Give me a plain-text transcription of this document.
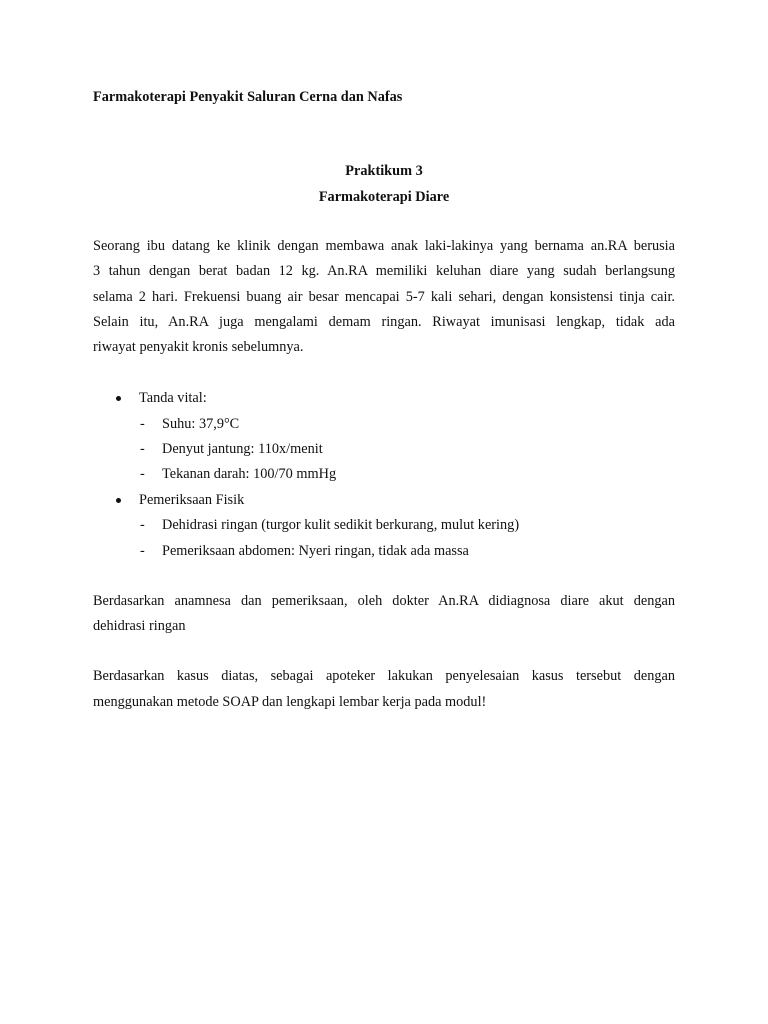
Farmakoterapi Penyakit Saluran Cerna dan Nafas
Praktikum 3
Farmakoterapi Diare
Seorang ibu datang ke klinik dengan membawa anak laki-lakinya yang bernama an.RA berusia
3 tahun dengan berat badan 12 kg. An.RA memiliki keluhan diare yang sudah berlangsung
selama 2 hari. Frekuensi buang air besar mencapai 5-7 kali sehari, dengan konsistensi tinja cair.
Selain itu, An.RA juga mengalami demam ringan. Riwayat imunisasi lengkap, tidak ada
riwayat penyakit kronis sebelumnya.
Tanda vital:
- Suhu: 37,9°C
- Denyut jantung: 110x/menit
- Tekanan darah: 100/70 mmHg
Pemeriksaan Fisik
- Dehidrasi ringan (turgor kulit sedikit berkurang, mulut kering)
- Pemeriksaan abdomen: Nyeri ringan, tidak ada massa
Berdasarkan anamnesa dan pemeriksaan, oleh dokter An.RA didiagnosa diare akut dengan
dehidrasi ringan
Berdasarkan kasus diatas, sebagai apoteker lakukan penyelesaian kasus tersebut dengan
menggunakan metode SOAP dan lengkapi lembar kerja pada modul!
